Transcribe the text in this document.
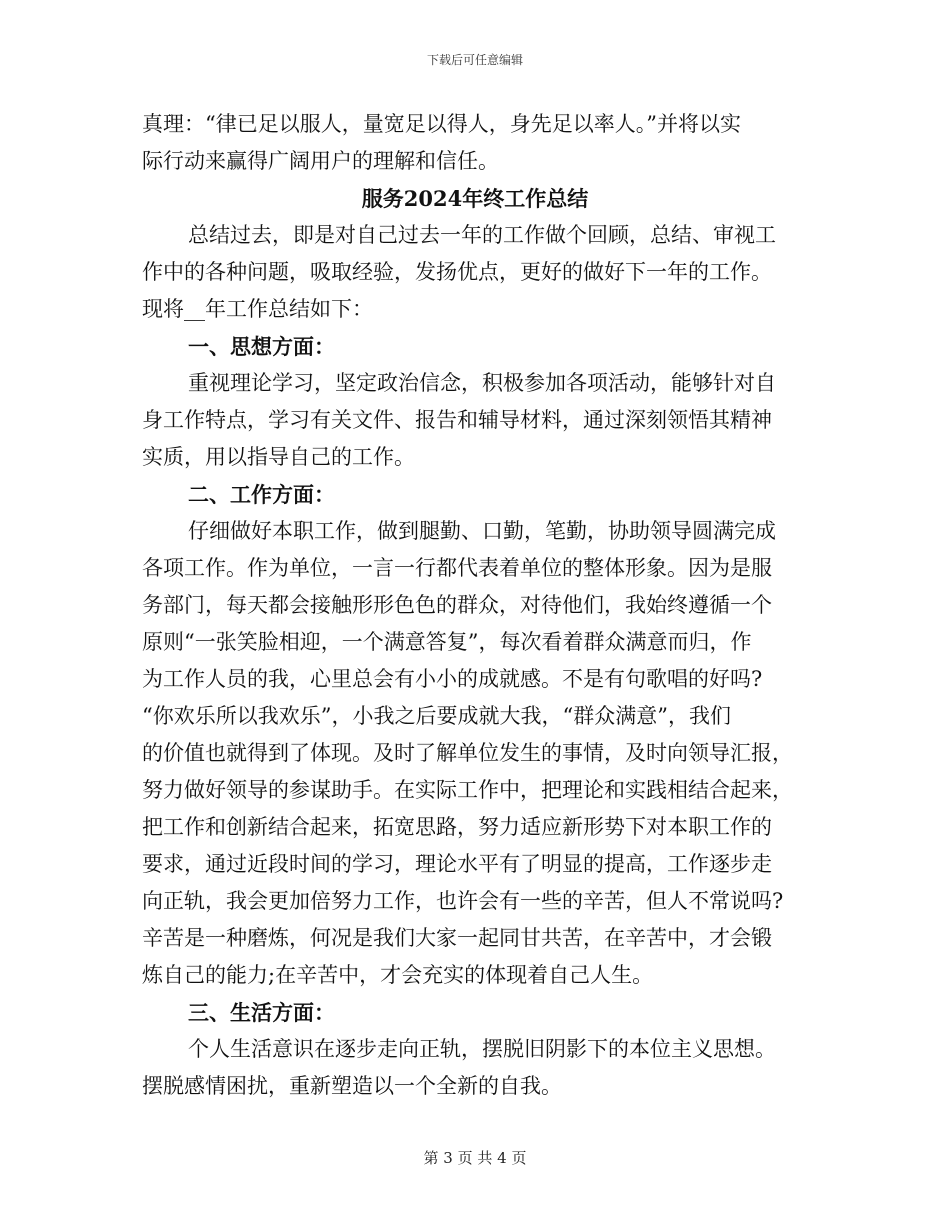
下载后可任意编辑
真理：“律已足以服人，量宽足以得人，身先足以率人。”并将以实
际行动来赢得广阔用户的理解和信任。
服务2024年终工作总结
总结过去，即是对自己过去一年的工作做个回顾，总结、审视工
作中的各种问题，吸取经验，发扬优点，更好的做好下一年的工作。
现将__年工作总结如下：
一、思想方面：
重视理论学习，坚定政治信念，积极参加各项活动，能够针对自
身工作特点，学习有关文件、报告和辅导材料，通过深刻领悟其精神
实质，用以指导自己的工作。
二、工作方面：
仔细做好本职工作，做到腿勤、口勤，笔勤，协助领导圆满完成
各项工作。作为单位，一言一行都代表着单位的整体形象。因为是服
务部门，每天都会接触形形色色的群众，对待他们，我始终遵循一个
原则“一张笑脸相迎，一个满意答复”，每次看着群众满意而归，作
为工作人员的我，心里总会有小小的成就感。不是有句歌唱的好吗?
“你欢乐所以我欢乐”，小我之后要成就大我，“群众满意”，我们
的价值也就得到了体现。及时了解单位发生的事情，及时向领导汇报，
努力做好领导的参谋助手。在实际工作中，把理论和实践相结合起来，
把工作和创新结合起来，拓宽思路，努力适应新形势下对本职工作的
要求，通过近段时间的学习，理论水平有了明显的提高，工作逐步走
向正轨，我会更加倍努力工作，也许会有一些的辛苦，但人不常说吗?
辛苦是一种磨炼，何况是我们大家一起同甘共苦，在辛苦中，才会锻
炼自己的能力;在辛苦中，才会充实的体现着自己人生。
三、生活方面：
个人生活意识在逐步走向正轨，摆脱旧阴影下的本位主义思想。
摆脱感情困扰，重新塑造以一个全新的自我。
第 3 页 共 4 页
